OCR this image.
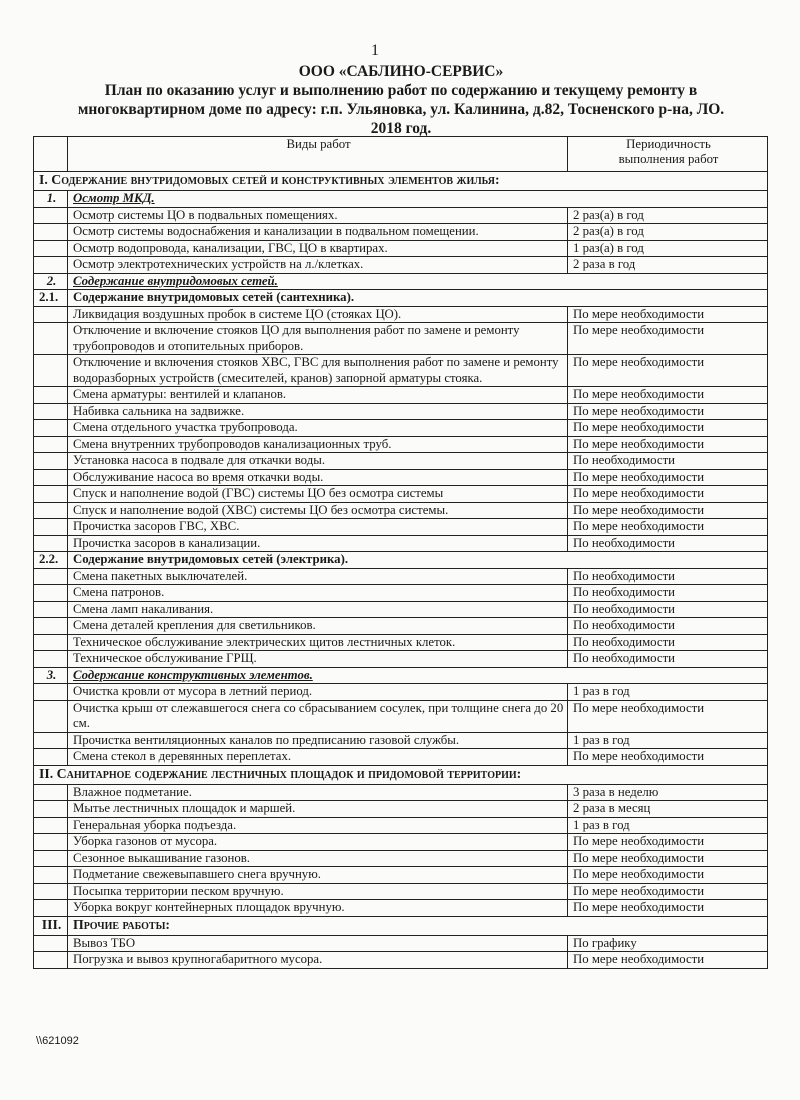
1
ООО «САБЛИНО-СЕРВИС»
План по оказанию услуг и выполнению работ по содержанию и текущему ремонту в
многоквартирном доме по адресу: г.п. Ульяновка, ул. Калинина, д.82, Тосненского р-на, ЛО.
2018 год.
	Виды работ	Периодичность
выполнения работ

I. Содержание внутридомовых сетей и конструктивных элементов жилья:		
1.	Осмотр МКД.	
	Осмотр системы ЦО в подвальных помещениях.	2 раз(а) в год
	Осмотр системы водоснабжения и канализации в подвальном помещении.	2 раз(а) в год
	Осмотр водопровода, канализации, ГВС, ЦО в квартирах.	1 раз(а) в год
	Осмотр электротехнических устройств на л./клетках.	2 раза в год
2.	Содержание внутридомовых сетей.	
2.1.	Содержание внутридомовых сетей (сантехника).	
	Ликвидация воздушных пробок в системе ЦО (стояках ЦО).	По мере необходимости
	Отключение и включение стояков ЦО для выполнения работ по замене и ремонту трубопроводов и отопительных приборов.	По мере необходимости
	Отключение и включения стояков ХВС, ГВС для выполнения работ по замене и ремонту водоразборных устройств (смесителей, кранов) запорной арматуры стояка.	По мере необходимости
	Смена арматуры: вентилей и клапанов.	По мере необходимости
	Набивка сальника на задвижке.	По мере необходимости
	Смена отдельного участка трубопровода.	По мере необходимости
	Смена внутренних трубопроводов канализационных труб.	По мере необходимости
	Установка насоса в подвале для откачки воды.	По необходимости
	Обслуживание насоса во время откачки воды.	По мере необходимости
	Спуск и наполнение водой (ГВС) системы ЦО без осмотра системы	По мере необходимости
	Спуск и наполнение водой (ХВС) системы ЦО без осмотра системы.	По мере необходимости
	Прочистка засоров ГВС, ХВС.	По мере необходимости
	Прочистка засоров в канализации.	По необходимости
2.2.	Содержание внутридомовых сетей (электрика).	
	Смена пакетных выключателей.	По необходимости
	Смена патронов.	По необходимости
	Смена ламп накаливания.	По необходимости
	Смена деталей крепления для светильников.	По необходимости
	Техническое обслуживание электрических щитов лестничных клеток.	По необходимости
	Техническое обслуживание ГРЩ.	По необходимости
3.	Содержание конструктивных элементов.	
	Очистка кровли от мусора в летний период.	1 раз в год
	Очистка крыш от слежавшегося снега со сбрасыванием сосулек, при толщине снега до 20 см.	По мере необходимости
	Прочистка вентиляционных каналов по предписанию газовой службы.	1 раз в год
	Смена стекол в деревянных переплетах.	По мере необходимости
II. Санитарное содержание лестничных площадок и придомовой территории:		
	Влажное подметание.	3 раза в неделю
	Мытье лестничных площадок и маршей.	2 раза в месяц
	Генеральная уборка подъезда.	1 раз в год
	Уборка газонов от мусора.	По мере необходимости
	Сезонное выкашивание газонов.	По мере необходимости
	Подметание свежевыпавшего снега вручную.	По мере необходимости
	Посыпка территории песком вручную.	По мере необходимости
	Уборка вокруг контейнерных площадок вручную.	По мере необходимости
III.	Прочие работы:	
	Вывоз ТБО	По графику
	Погрузка и вывоз крупногабаритного мусора.	По мере необходимости
\\621092
